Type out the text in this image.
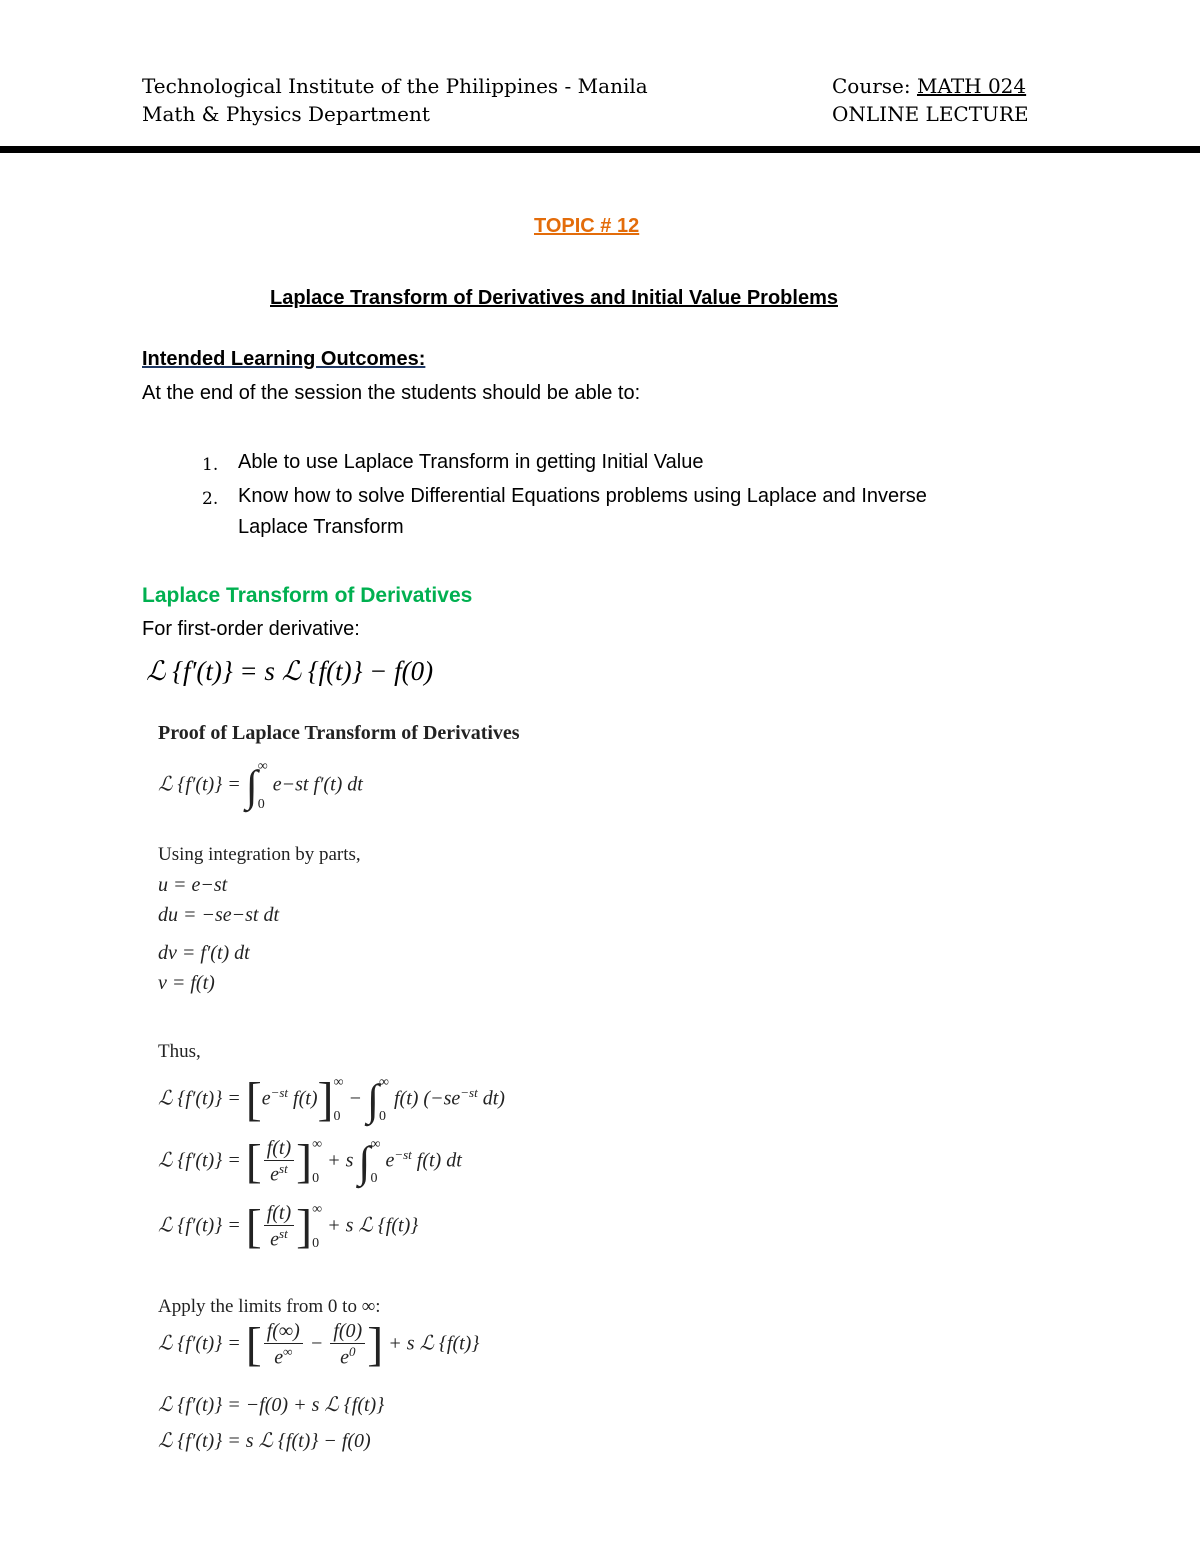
Technological Institute of the Philippines - Manila
Math & Physics Department
Course: MATH 024
ONLINE LECTURE
TOPIC # 12
Laplace Transform of Derivatives and Initial Value Problems
Intended Learning Outcomes:
At the end of the session the students should be able to:
1. Able to use Laplace Transform in getting Initial Value
2. Know how to solve Differential Equations problems using Laplace and Inverse
Laplace Transform
Laplace Transform of Derivatives
For first-order derivative:
ℒ {f′(t)} = s ℒ {f(t)} − f(0)
Proof of Laplace Transform of Derivatives
ℒ {f′(t)} = ∫ ∞
0
e−st f′(t) dt
Using integration by parts,
u = e−st
du = −se−st dt
dv = f′(t) dt
v = f(t)
Thus,
ℒ $\{f'(t)\} = [e^{-st}$ f(t)] ∞
0
− ∫ ∞
0
f(t) ($-se^{-st}$ dt)
ℒ {f′(t)} = [ $\frac{f(t)}{e^{st}}$ ] ∞
0
+ s ∫ ∞
0
$e^{-st}$ f(t) dt
ℒ {f′(t)} = [ $\frac{f(t)}{e^{st}}$ ] ∞
0
+ s ℒ {f(t)}
Apply the limits from 0 to ∞:
ℒ {f′(t)} = [ $\frac{f(\infty)}{e^\infty} - \frac{f(0)}{e^0}$ ] + s ℒ {f(t)}
ℒ {f′(t)} = −f(0) + s ℒ {f(t)}
ℒ {f′(t)} = s ℒ {f(t)} − f(0)
